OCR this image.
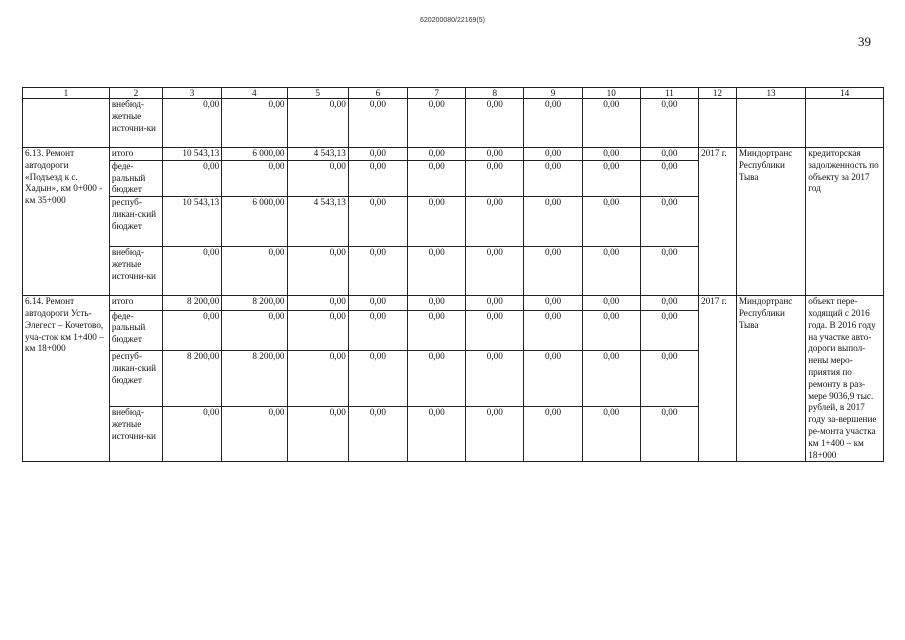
620200080/22169(5)
39
1	2	3	4	5	6	7	8	9	10	11	12	13	14
	внебюд-жетные источни-ки	0,00	0,00	0,00	0,00	0,00	0,00	0,00	0,00	0,00			
6.13. Ремонт автодороги «Подъезд к с. Хадын», км 0+000 - км 35+000	итого	10 543,13	6 000,00	4 543,13	0,00	0,00	0,00	0,00	0,00	0,00	2017 г.	Миндортранс Республики Тыва	кредиторская задолженность по объекту за 2017 год
	феде-ральный бюджет	0,00	0,00	0,00	0,00	0,00	0,00	0,00	0,00	0,00			
	респуб-ликан-ский бюджет	10 543,13	6 000,00	4 543,13	0,00	0,00	0,00	0,00	0,00	0,00			
	внебюд-жетные источни-ки	0,00	0,00	0,00	0,00	0,00	0,00	0,00	0,00	0,00			
6.14. Ремонт автодороги Усть-Элегест – Кочетово, уча-сток км 1+400 – км 18+000	итого	8 200,00	8 200,00	0,00	0,00	0,00	0,00	0,00	0,00	0,00	2017 г.	Миндортранс Республики Тыва	объект пере-ходящий с 2016 года. В 2016 году на участке авто-дороги выпол-нены меро-приятия по ремонту в раз-мере 9036,9 тыс. рублей, в 2017 году за-вершение ре-монта участка км 1+400 – км 18+000
	феде-ральный бюджет	0,00	0,00	0,00	0,00	0,00	0,00	0,00	0,00	0,00			
	респуб-ликан-ский бюджет	8 200,00	8 200,00	0,00	0,00	0,00	0,00	0,00	0,00	0,00			
	внебюд-жетные источни-ки	0,00	0,00	0,00	0,00	0,00	0,00	0,00	0,00	0,00			
